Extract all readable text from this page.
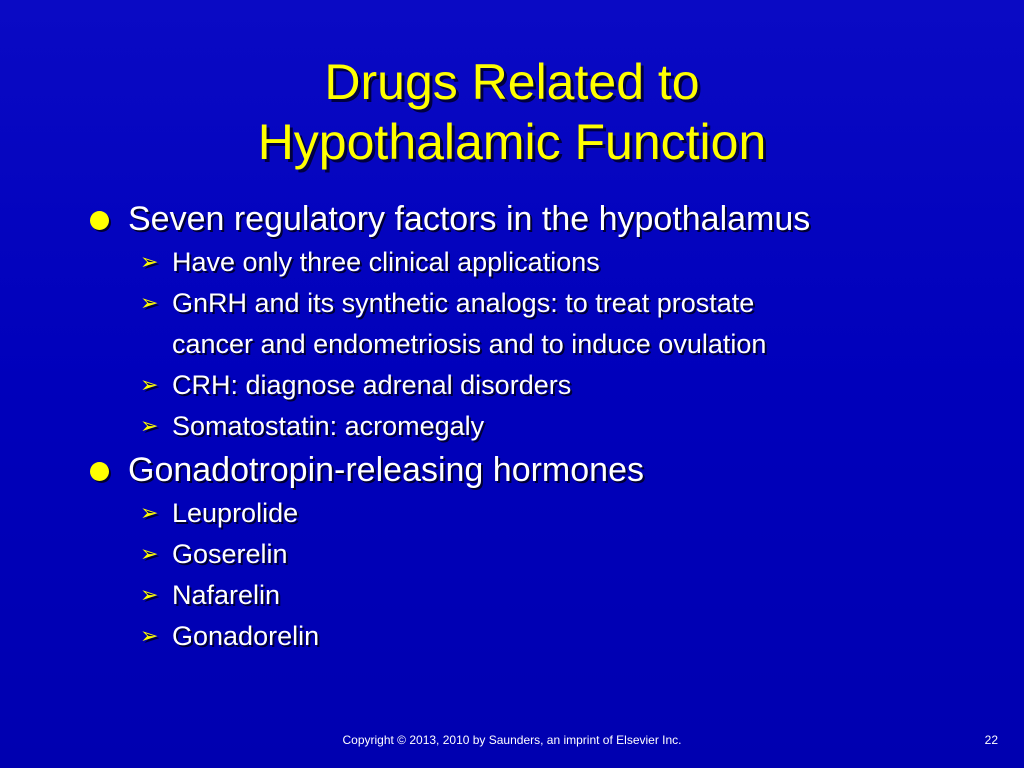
Drugs Related to
Hypothalamic Function

Seven regulatory factors in the hypothalamus

➢ Have only three clinical applications

➢ GnRH and its synthetic analogs: to treat prostate
cancer and endometriosis and to induce ovulation

➢ CRH: diagnose adrenal disorders

➢ Somatostatin: acromegaly

Gonadotropin-releasing hormones

➢ Leuprolide

➢ Goserelin

➢ Nafarelin

➢ Gonadorelin

Copyright © 2013, 2010 by Saunders, an imprint of Elsevier Inc.	22
